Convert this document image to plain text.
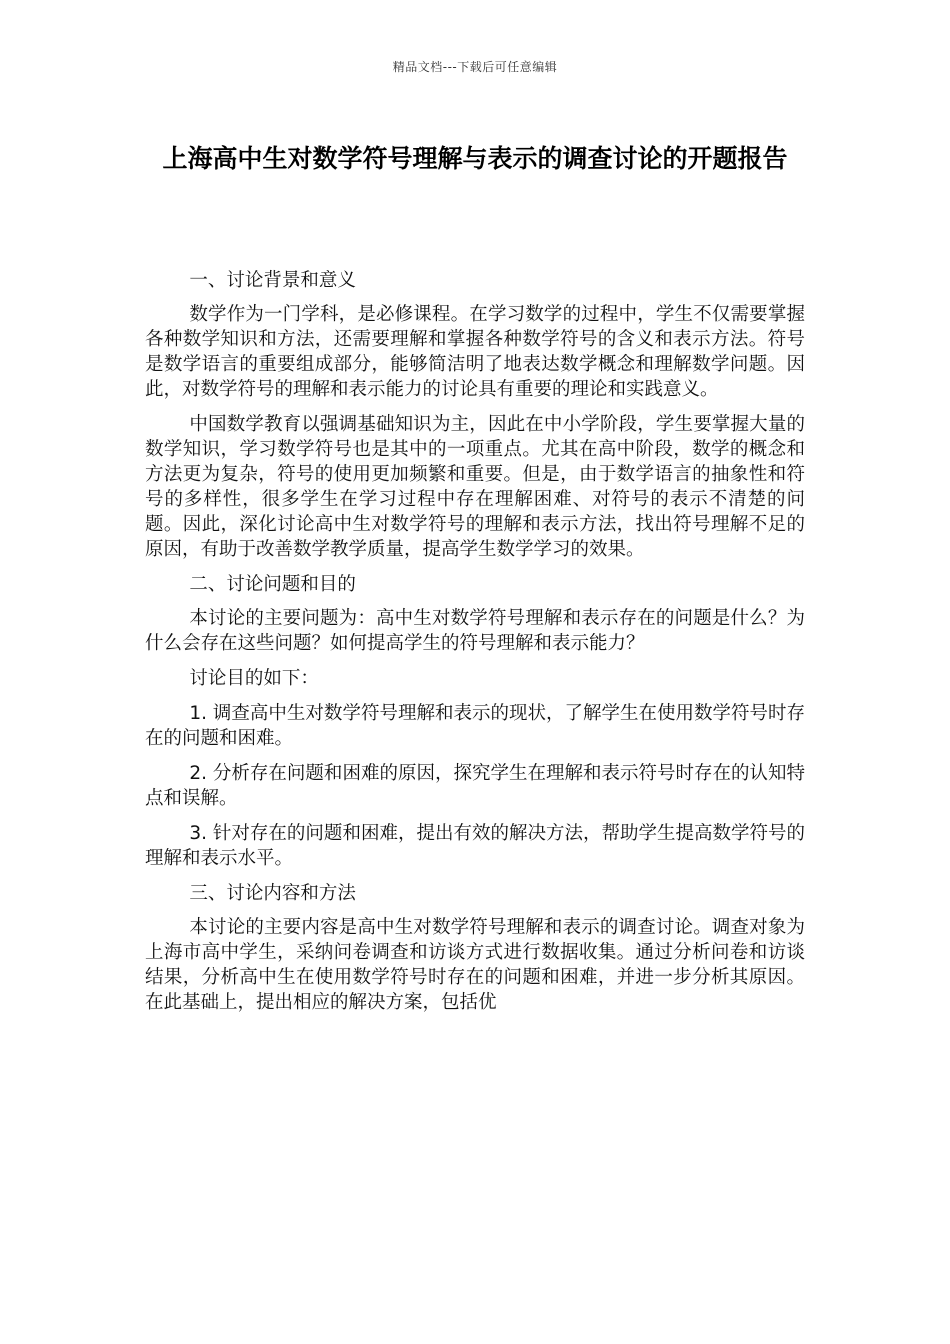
精品文档---下载后可任意编辑
上海高中生对数学符号理解与表示的调查讨论的开题报告

一、讨论背景和意义

数学作为一门学科，是必修课程。在学习数学的过程中，学生不仅需要掌握各种数学知识和方法，还需要理解和掌握各种数学符号的含义和表示方法。符号是数学语言的重要组成部分，能够简洁明了地表达数学概念和理解数学问题。因此，对数学符号的理解和表示能力的讨论具有重要的理论和实践意义。

中国数学教育以强调基础知识为主，因此在中小学阶段，学生要掌握大量的数学知识，学习数学符号也是其中的一项重点。尤其在高中阶段，数学的概念和方法更为复杂，符号的使用更加频繁和重要。但是，由于数学语言的抽象性和符号的多样性，很多学生在学习过程中存在理解困难、对符号的表示不清楚的问题。因此，深化讨论高中生对数学符号的理解和表示方法，找出符号理解不足的原因，有助于改善数学教学质量，提高学生数学学习的效果。

二、讨论问题和目的

本讨论的主要问题为：高中生对数学符号理解和表示存在的问题是什么？为什么会存在这些问题？如何提高学生的符号理解和表示能力？

讨论目的如下：

1. 调查高中生对数学符号理解和表示的现状，了解学生在使用数学符号时存在的问题和困难。

2. 分析存在问题和困难的原因，探究学生在理解和表示符号时存在的认知特点和误解。

3. 针对存在的问题和困难，提出有效的解决方法，帮助学生提高数学符号的理解和表示水平。

三、讨论内容和方法

本讨论的主要内容是高中生对数学符号理解和表示的调查讨论。调查对象为上海市高中学生，采纳问卷调查和访谈方式进行数据收集。通过分析问卷和访谈结果，分析高中生在使用数学符号时存在的问题和困难，并进一步分析其原因。在此基础上，提出相应的解决方案，包括优
